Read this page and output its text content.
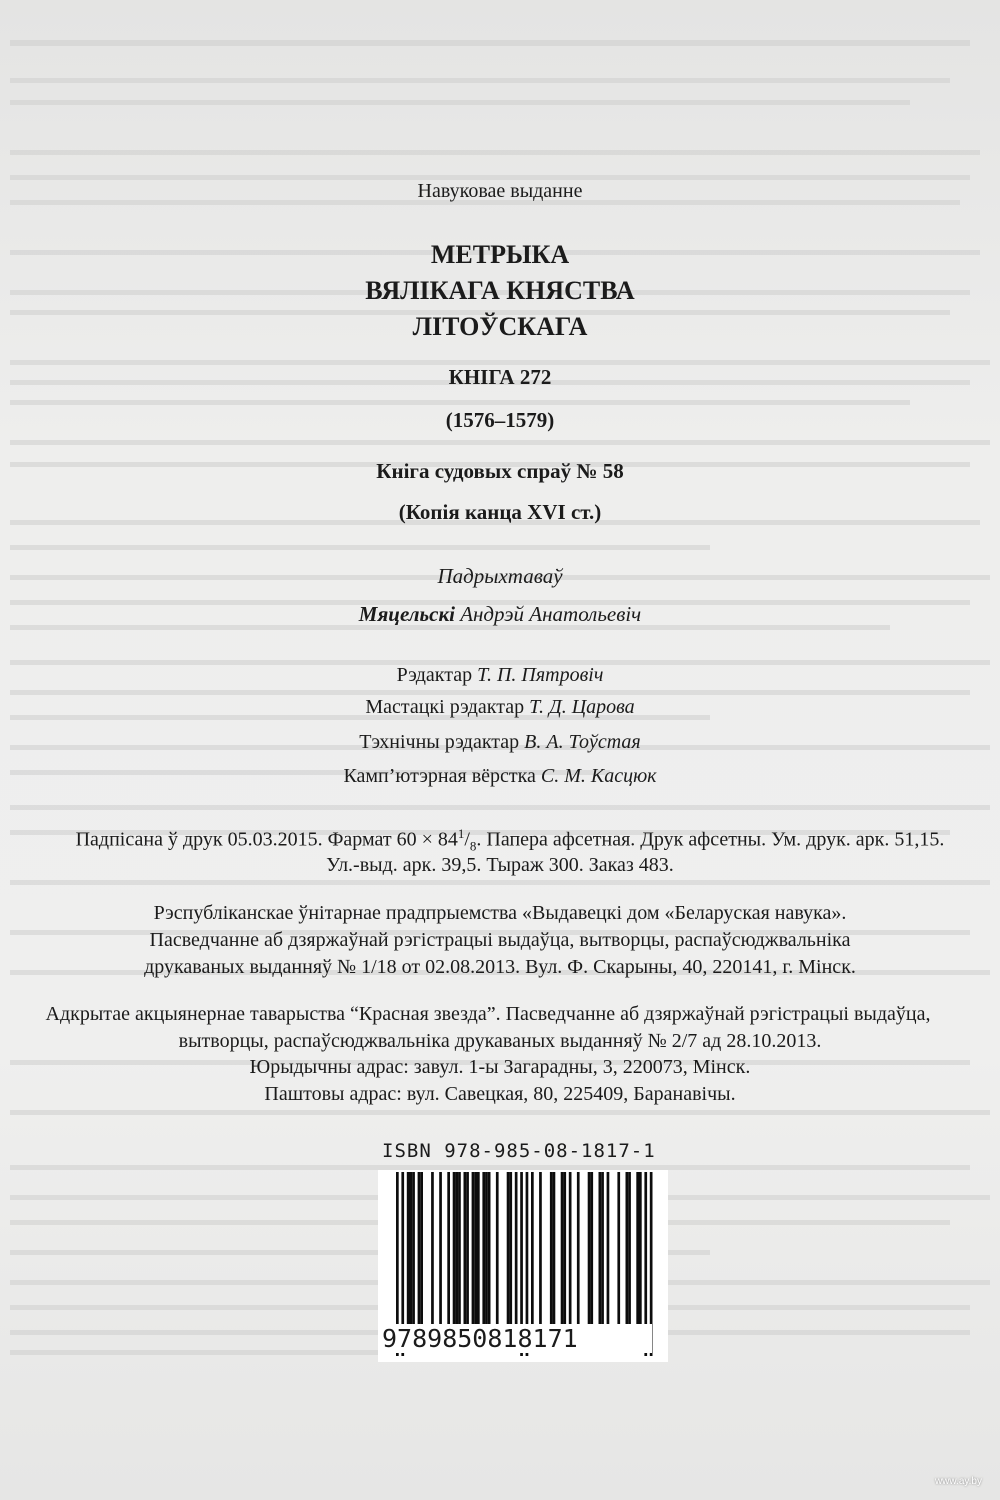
Навуковае выданне
МЕТРЫКА
ВЯЛІКАГА КНЯСТВА
ЛІТОЎСКАГА
КНІГА 272
(1576–1579)
Кніга судовых спраў № 58
(Копія канца XVI ст.)
Падрыхтаваў
Мяцельскі Андрэй Анатольевіч
Рэдактар Т. П. Пятровіч
Мастацкі рэдактар Т. Д. Царова
Тэхнічны рэдактар В. А. Тоўстая
Камп’ютэрная вёрстка С. М. Касцюк
Падпісана ў друк 05.03.2015. Фармат $60 \times 84^1/_8$. Папера афсетная. Друк афсетны. Ум. друк. арк. 51,15.
Ул.-выд. арк. 39,5. Тыраж 300. Заказ 483.
Рэспубліканскае ўнітарнае прадпрыемства «Выдавецкі дом «Беларуская навука».
Пасведчанне аб дзяржаўнай рэгістрацыі выдаўца, вытворцы, распаўсюджвальніка
друкаваных выданняў № 1/18 от 02.08.2013. Вул. Ф. Скарыны, 40, 220141, г. Мінск.
Адкрытае акцыянернае таварыства “Красная звезда”. Пасведчанне аб дзяржаўнай рэгістрацыі выдаўца,
вытворцы, распаўсюджвальніка друкаваных выданняў № 2/7 ад 28.10.2013.
Юрыдычны адрас: завул. 1-ы Загарадны, 3, 220073, Мінск.
Паштовы адрас: вул. Савецкая, 80, 225409, Баранавічы.
ISBN 978-985-08-1817-1
9789850818171
www.ay.by
